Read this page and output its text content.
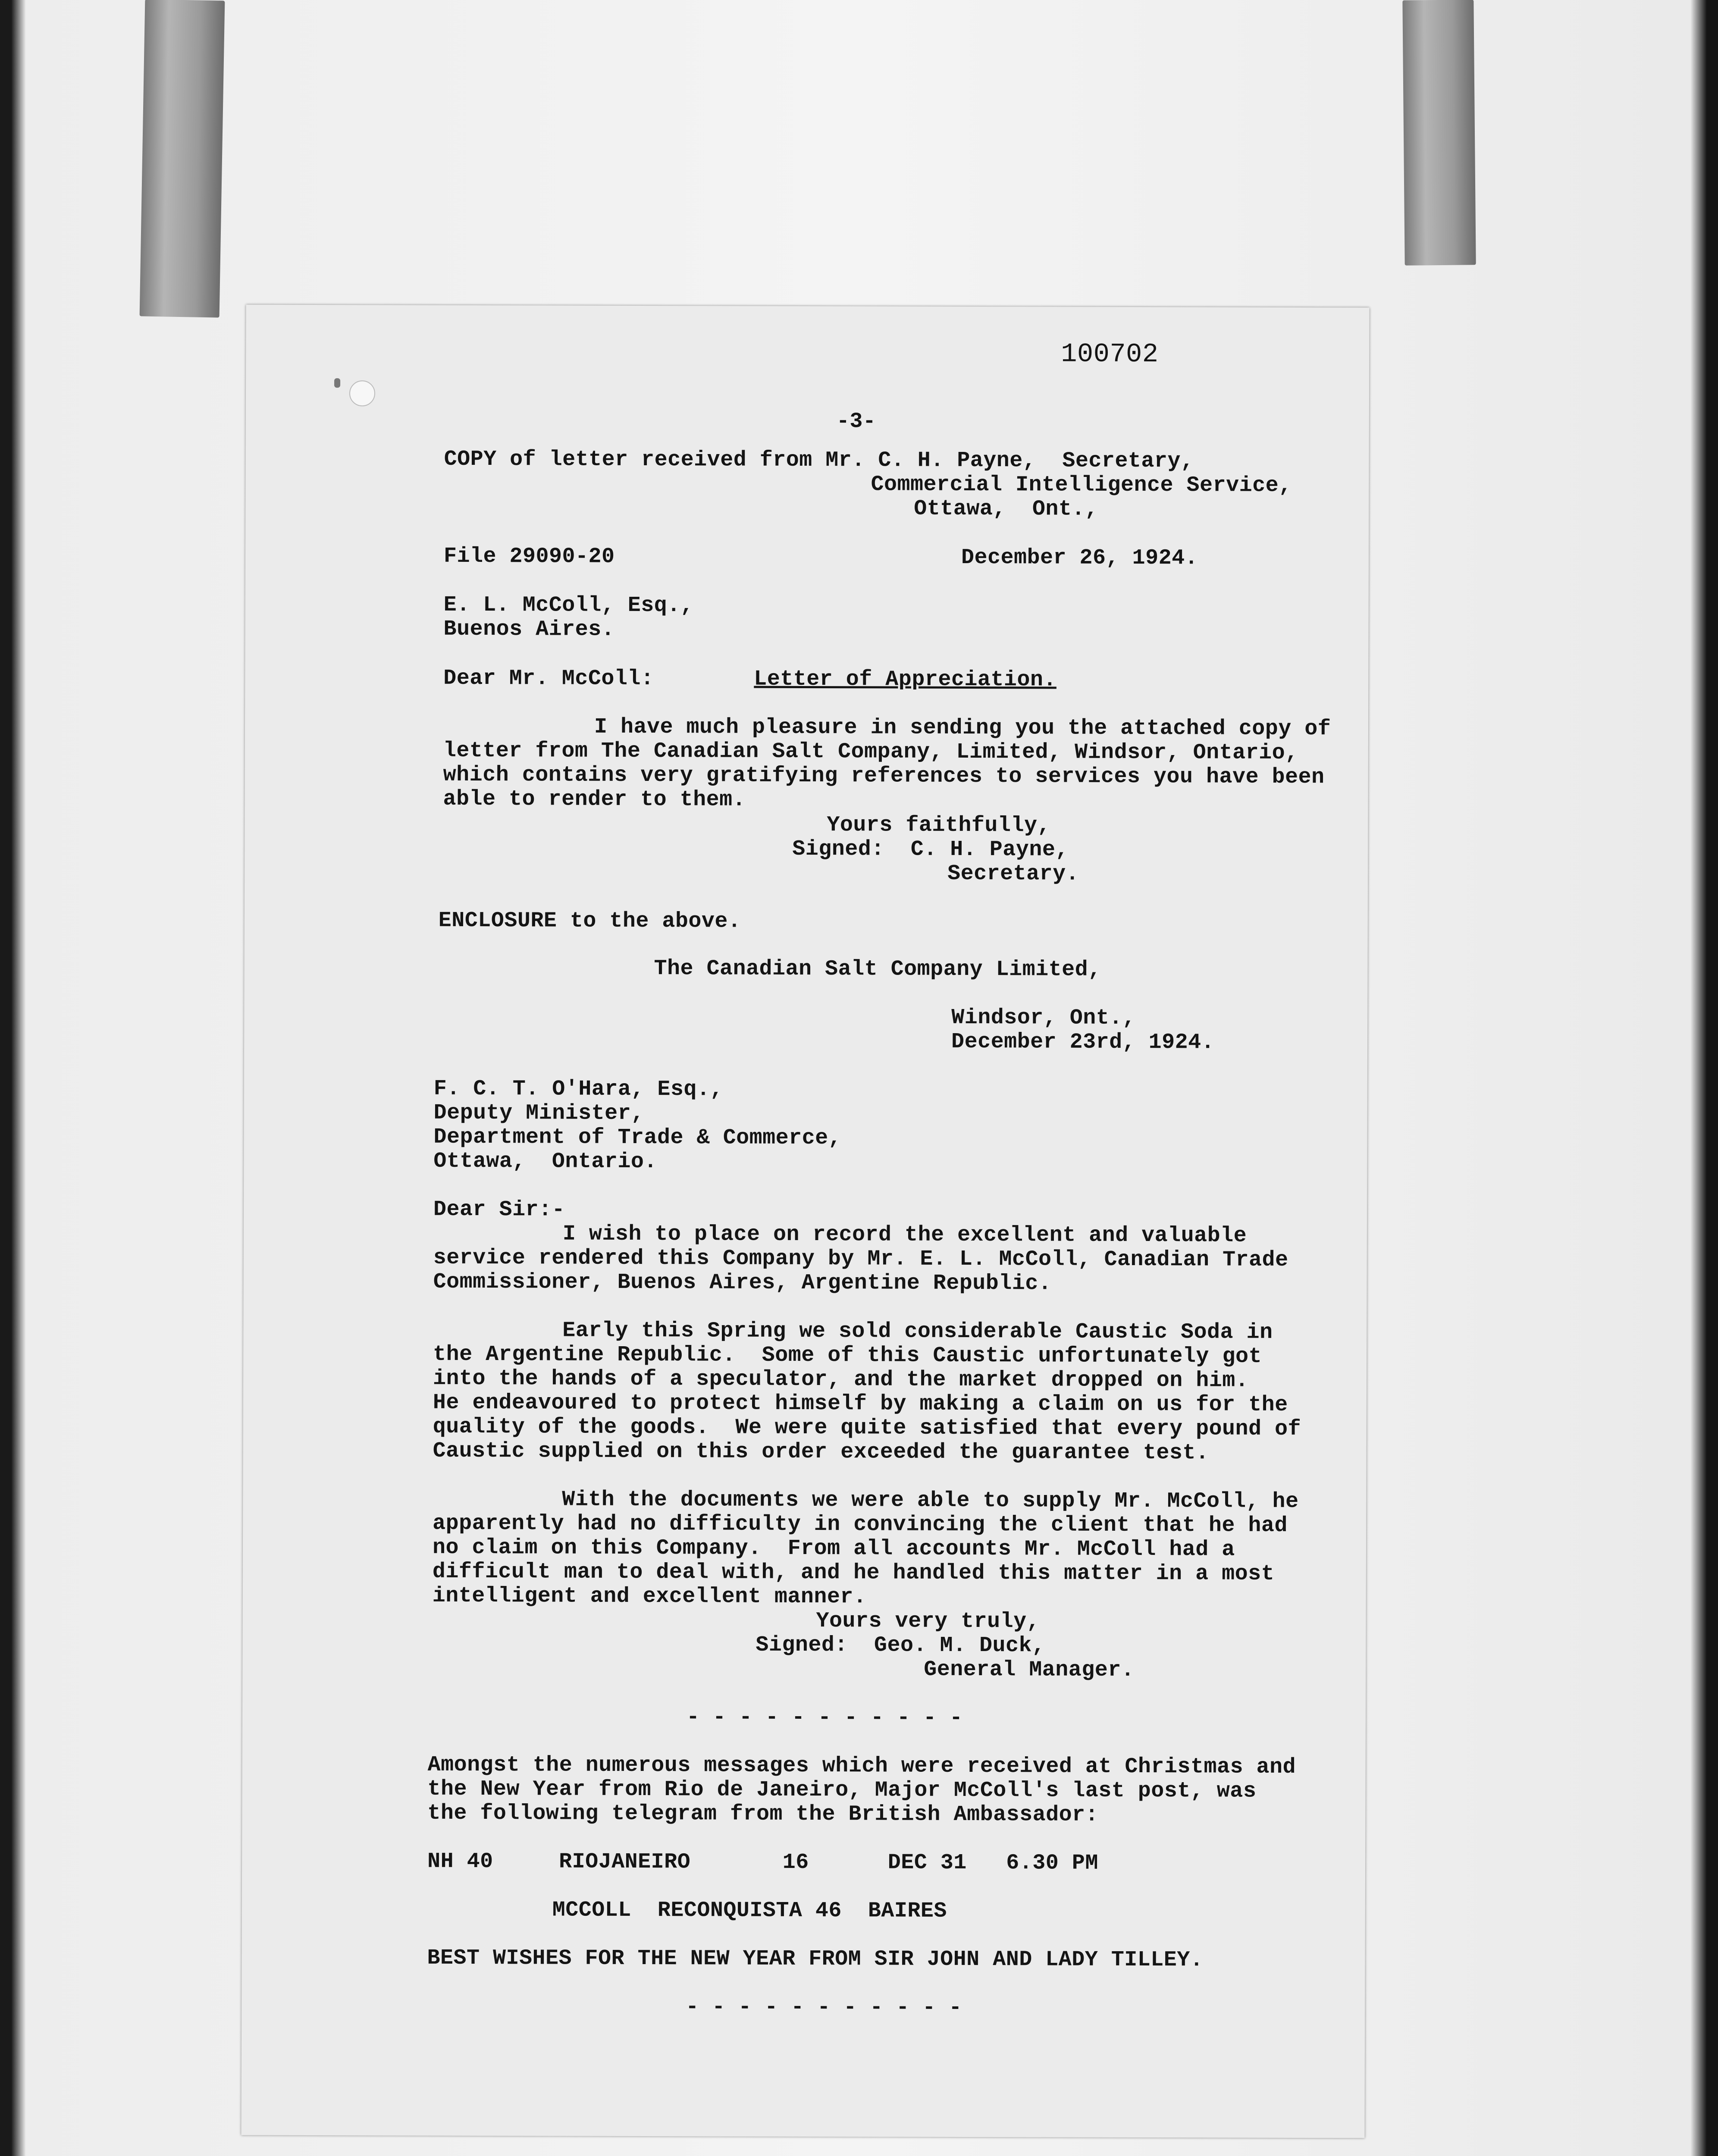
100702
-3-
COPY of letter received from Mr. C. H. Payne,  Secretary,
Commercial Intelligence Service,
Ottawa,  Ont.,
File 29090-20	December 26, 1924.
E. L. McColl, Esq.,
Buenos Aires.
Dear Mr. McColl:	Letter of Appreciation.
I have much pleasure in sending you the attached copy of
letter from The Canadian Salt Company, Limited, Windsor, Ontario,
which contains very gratifying references to services you have been
able to render to them.
Yours faithfully,
Signed:  C. H. Payne,
Secretary.
ENCLOSURE to the above.
The Canadian Salt Company Limited,
Windsor, Ont.,
December 23rd, 1924.
F. C. T. O'Hara, Esq.,
Deputy Minister,
Department of Trade & Commerce,
Ottawa,  Ontario.
Dear Sir:-
I wish to place on record the excellent and valuable
service rendered this Company by Mr. E. L. McColl, Canadian Trade
Commissioner, Buenos Aires, Argentine Republic.
Early this Spring we sold considerable Caustic Soda in
the Argentine Republic.  Some of this Caustic unfortunately got
into the hands of a speculator, and the market dropped on him.
He endeavoured to protect himself by making a claim on us for the
quality of the goods.  We were quite satisfied that every pound of
Caustic supplied on this order exceeded the guarantee test.
With the documents we were able to supply Mr. McColl, he
apparently had no difficulty in convincing the client that he had
no claim on this Company.  From all accounts Mr. McColl had a
difficult man to deal with, and he handled this matter in a most
intelligent and excellent manner.
Yours very truly,
Signed:  Geo. M. Duck,
General Manager.
- - - - - - - - - - -
Amongst the numerous messages which were received at Christmas and
the New Year from Rio de Janeiro, Major McColl's last post, was
the following telegram from the British Ambassador:
NH 40     RIOJANEIRO       16      DEC 31   6.30 PM
MCCOLL  RECONQUISTA 46  BAIRES
BEST WISHES FOR THE NEW YEAR FROM SIR JOHN AND LADY TILLEY.
- - - - - - - - - - -
